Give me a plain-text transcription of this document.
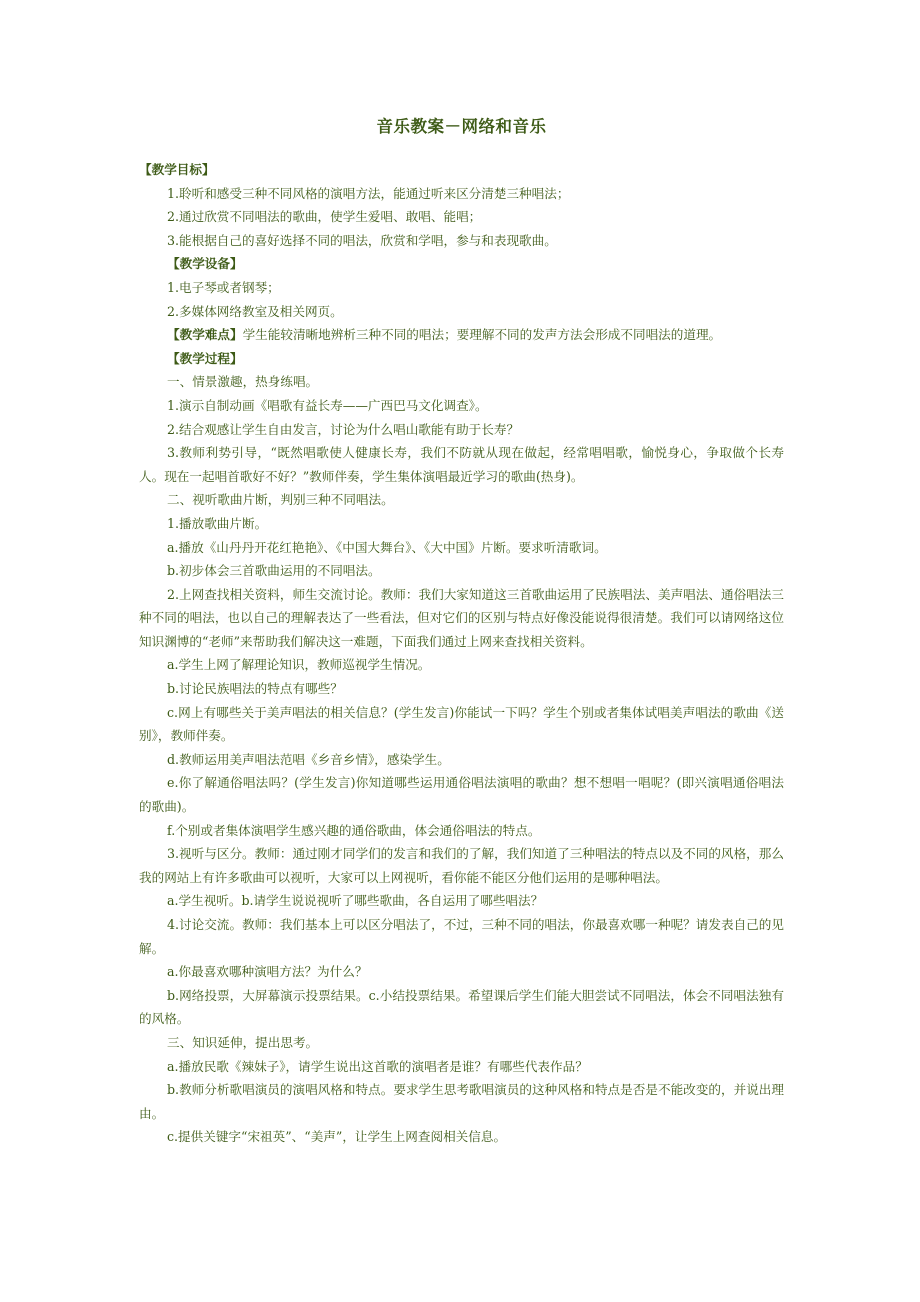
音乐教案－网络和音乐

【教学目标】

1.聆听和感受三种不同风格的演唱方法，能通过听来区分清楚三种唱法；

2.通过欣赏不同唱法的歌曲，使学生爱唱、敢唱、能唱；

3.能根据自己的喜好选择不同的唱法，欣赏和学唱，参与和表现歌曲。

【教学设备】

1.电子琴或者钢琴；

2.多媒体网络教室及相关网页。

【教学难点】学生能较清晰地辨析三种不同的唱法；要理解不同的发声方法会形成不同唱法的道理。

【教学过程】

一、情景激趣，热身练唱。

1.演示自制动画《唱歌有益长寿——广西巴马文化调查》。

2.结合观感让学生自由发言，讨论为什么唱山歌能有助于长寿？

3.教师利势引导，“既然唱歌使人健康长寿，我们不防就从现在做起，经常唱唱歌，愉悦身心，争取做个长寿人。现在一起唱首歌好不好？”教师伴奏，学生集体演唱最近学习的歌曲(热身)。

二、视听歌曲片断，判别三种不同唱法。

1.播放歌曲片断。

a.播放《山丹丹开花红艳艳》、《中国大舞台》、《大中国》片断。要求听清歌词。

b.初步体会三首歌曲运用的不同唱法。

2.上网查找相关资料，师生交流讨论。教师：我们大家知道这三首歌曲运用了民族唱法、美声唱法、通俗唱法三种不同的唱法，也以自己的理解表达了一些看法，但对它们的区别与特点好像没能说得很清楚。我们可以请网络这位知识渊博的“老师”来帮助我们解决这一难题，下面我们通过上网来查找相关资料。

a.学生上网了解理论知识，教师巡视学生情况。

b.讨论民族唱法的特点有哪些？

c.网上有哪些关于美声唱法的相关信息？(学生发言)你能试一下吗？学生个别或者集体试唱美声唱法的歌曲《送别》，教师伴奏。

d.教师运用美声唱法范唱《乡音乡情》，感染学生。

e.你了解通俗唱法吗？(学生发言)你知道哪些运用通俗唱法演唱的歌曲？想不想唱一唱呢？(即兴演唱通俗唱法的歌曲)。

f.个别或者集体演唱学生感兴趣的通俗歌曲，体会通俗唱法的特点。

3.视听与区分。教师：通过刚才同学们的发言和我们的了解，我们知道了三种唱法的特点以及不同的风格，那么我的网站上有许多歌曲可以视听，大家可以上网视听，看你能不能区分他们运用的是哪种唱法。

a.学生视听。b.请学生说说视听了哪些歌曲，各自运用了哪些唱法？

4.讨论交流。教师：我们基本上可以区分唱法了，不过，三种不同的唱法，你最喜欢哪一种呢？请发表自己的见解。

a.你最喜欢哪种演唱方法？为什么？

b.网络投票，大屏幕演示投票结果。c.小结投票结果。希望课后学生们能大胆尝试不同唱法，体会不同唱法独有的风格。

三、知识延伸，提出思考。

a.播放民歌《辣妹子》，请学生说出这首歌的演唱者是谁？有哪些代表作品？

b.教师分析歌唱演员的演唱风格和特点。要求学生思考歌唱演员的这种风格和特点是否是不能改变的，并说出理由。

c.提供关键字“宋祖英”、“美声”，让学生上网查阅相关信息。
